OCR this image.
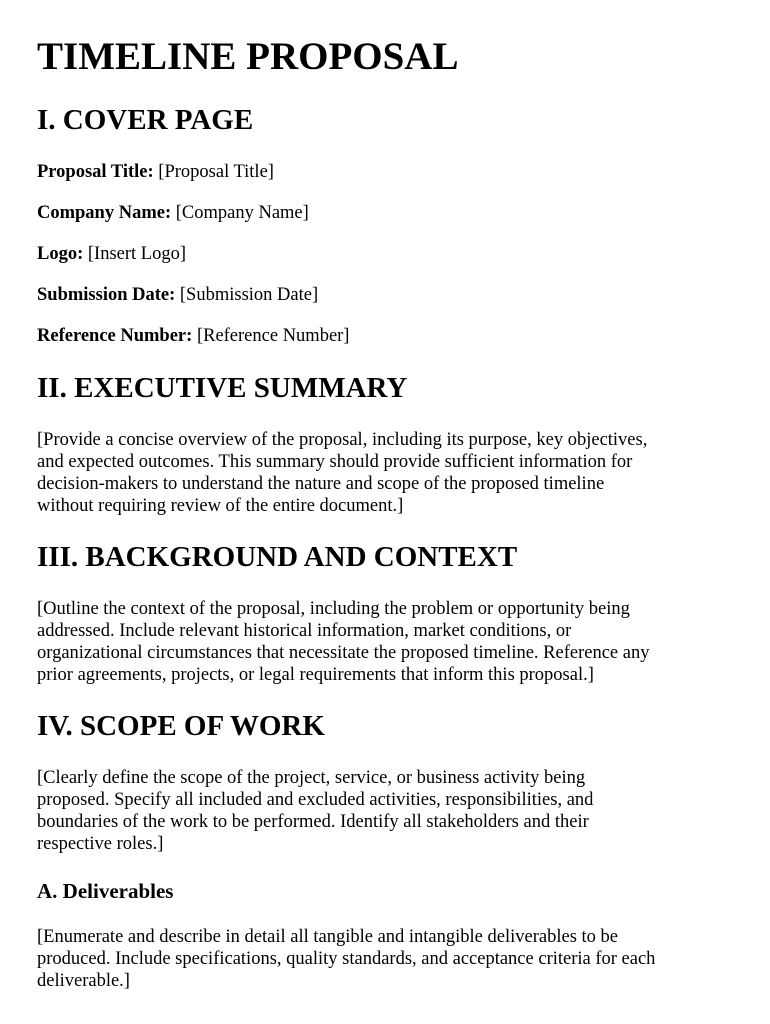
TIMELINE PROPOSAL
I. COVER PAGE

Proposal Title: [Proposal Title]

Company Name: [Company Name]

Logo: [Insert Logo]

Submission Date: [Submission Date]

Reference Number: [Reference Number]

II. EXECUTIVE SUMMARY
[Provide a concise overview of the proposal, including its purpose, key objectives,
and expected outcomes. This summary should provide sufficient information for
decision-makers to understand the nature and scope of the proposed timeline
without requiring review of the entire document.]
III. BACKGROUND AND CONTEXT
[Outline the context of the proposal, including the problem or opportunity being
addressed. Include relevant historical information, market conditions, or
organizational circumstances that necessitate the proposed timeline. Reference any
prior agreements, projects, or legal requirements that inform this proposal.]
IV. SCOPE OF WORK
[Clearly define the scope of the project, service, or business activity being
proposed. Specify all included and excluded activities, responsibilities, and
boundaries of the work to be performed. Identify all stakeholders and their
respective roles.]
A. Deliverables
[Enumerate and describe in detail all tangible and intangible deliverables to be
produced. Include specifications, quality standards, and acceptance criteria for each
deliverable.]
